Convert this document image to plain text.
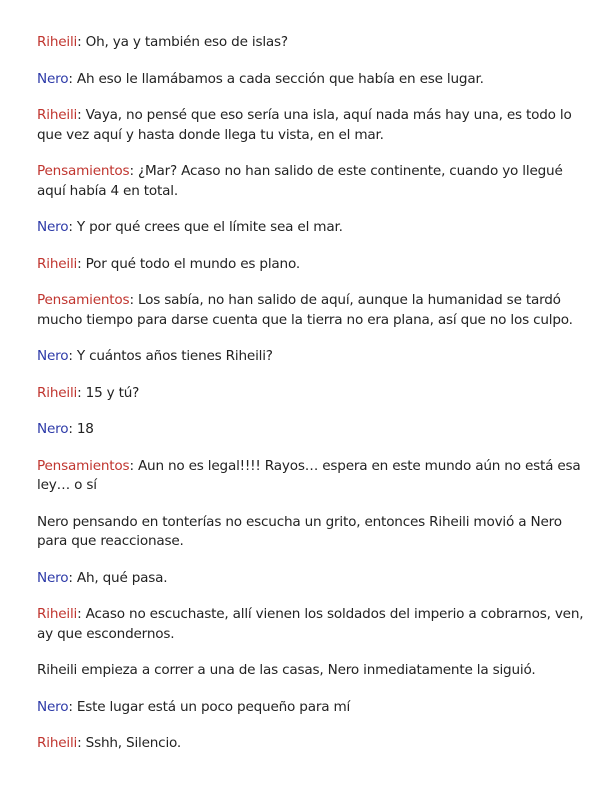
Riheili: Oh, ya y también eso de islas?

Nero: Ah eso le llamábamos a cada sección que había en ese lugar.

Riheili: Vaya, no pensé que eso sería una isla, aquí nada más hay una, es todo lo que vez aquí y hasta donde llega tu vista, en el mar.

Pensamientos: ¿Mar? Acaso no han salido de este continente, cuando yo llegué aquí había 4 en total.

Nero: Y por qué crees que el límite sea el mar.

Riheili: Por qué todo el mundo es plano.

Pensamientos: Los sabía, no han salido de aquí, aunque la humanidad se tardó mucho tiempo para darse cuenta que la tierra no era plana, así que no los culpo.

Nero: Y cuántos años tienes Riheili?

Riheili: 15 y tú?

Nero: 18

Pensamientos: Aun no es legal!!!! Rayos… espera en este mundo aún no está esa ley… o sí

Nero pensando en tonterías no escucha un grito, entonces Riheili movió a Nero para que reaccionase.

Nero: Ah, qué pasa.

Riheili: Acaso no escuchaste, allí vienen los soldados del imperio a cobrarnos, ven, ay que escondernos.

Riheili empieza a correr a una de las casas, Nero inmediatamente la siguió.

Nero: Este lugar está un poco pequeño para mí

Riheili: Sshh, Silencio.
